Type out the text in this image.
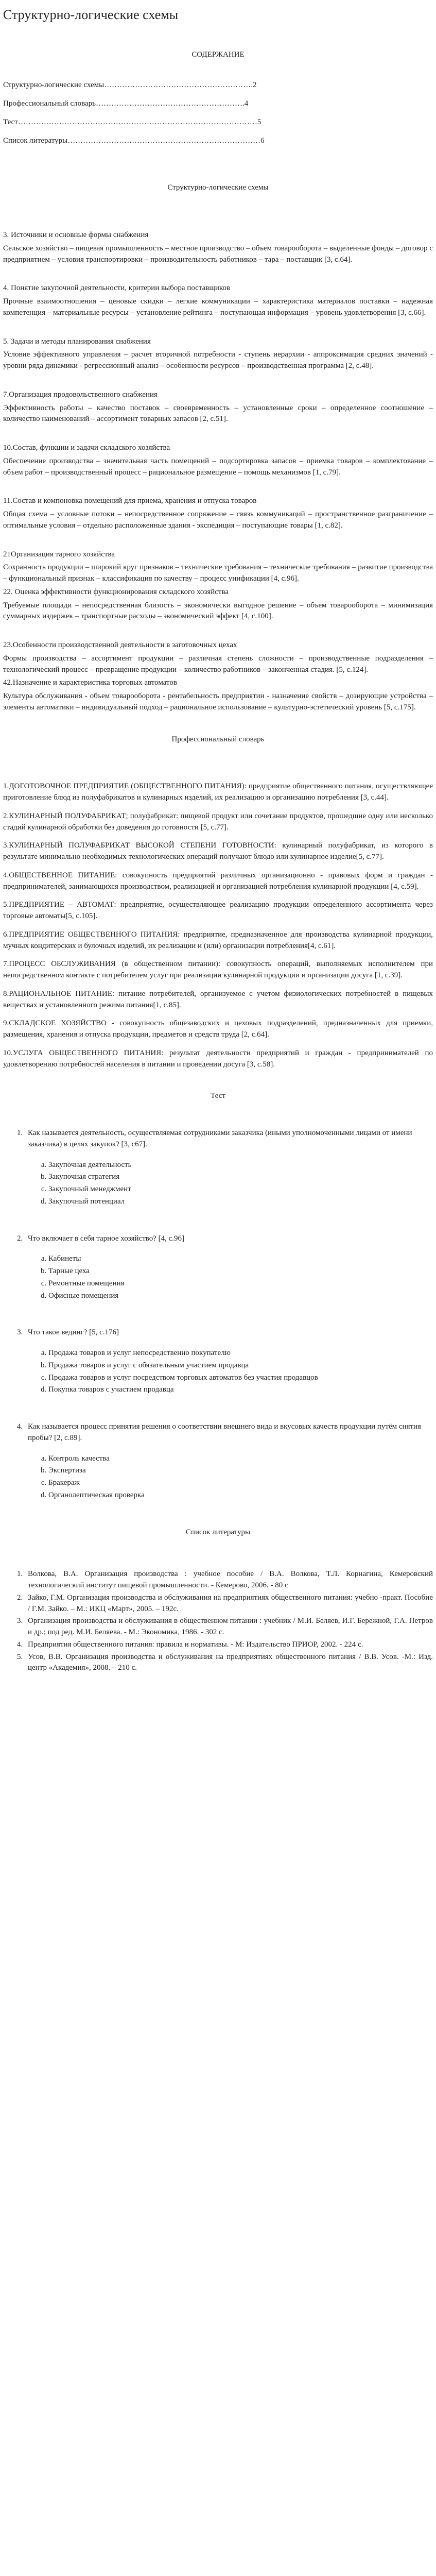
Структурно-логические схемы

СОДЕРЖАНИЕ

Структурно-логические схемы………………………………………………….2

Профессиональный словарь………………………………………………….4

Тест…………………………………………………………………………………5

Список литературы…………………………………………………………………6

Структурно-логические схемы

3. Источники и основные формы снабжения

Сельское хозяйство – пищевая промышленность – местное производство – объем товарооборота – выделенные фонды – договор с предприятием – условия транспортировки – производительность работников – тара – поставщик [3, с.64].

4. Понятие закупочной деятельности, критерии выбора поставщиков

Прочные взаимоотношения – ценовые скидки – легкие коммуникации – характеристика материалов поставки – надежная компетенция – материальные ресурсы – установление рейтинга – поступающая информация – уровень удовлетворения [3, с.66].

5. Задачи и методы планирования снабжения

Условие эффективного управления – расчет вторичной потребности - ступень иерархии - аппроксимация средних значений - уровни ряда динамики - регрессионный анализ – особенности ресурсов – производственная программа [2, с.48].

7.Организация продовольственного снабжения

Эффективность работы – качество поставок – своевременность – установленные сроки – определенное соотношение – количество наименований – ассортимент товарных запасов [2, с.51].

10.Состав, функции и задачи складского хозяйства

Обеспечение производства – значительная часть помещений – подсортировка запасов – приемка товаров – комплектование – объем работ – производственный процесс – рациональное размещение – помощь механизмов [1, с.79].

11.Состав и компоновка помещений для приема, хранения и отпуска товаров

Общая схема – условные потоки – непосредственное сопряжение – связь коммуникаций – пространственное разграничение – оптимальные условия – отдельно расположенные здания - экспедиция – поступающие товары [1, с.82].

21Организация тарного хозяйства

Сохранность продукции – широкий круг признаков – технические требования – технические требования – развитие производства – функциональный признак – классификация по качеству – процесс унификации [4, с.96].

22. Оценка эффективности функционирования складского хозяйства

Требуемые площади – непосредственная близость – экономически выгодное решение – объем товарооборота – минимизация суммарных издержек – транспортные расходы – экономический эффект [4, с.100].

23.Особенности производственной деятельности в заготовочных цехах

Формы производства – ассортимент продукции – различная степень сложности – производственные подразделения – технологический процесс – превращение продукции – количество работников – законченная стадия. [5, с.124].

42.Назначение и характеристика торговых автоматов

Культура обслуживания - объем товарооборота - рентабельность предприятии - назначение свойств – дозирующие устройства – элементы автоматики – индивидуальный подход – рациональное использование – культурно-эстетический уровень [5, с.175].

Профессиональный словарь

1.ДОГОТОВОЧНОЕ ПРЕДПРИЯТИЕ (ОБЩЕСТВЕННОГО ПИТАНИЯ): предприятие общественного питания, осуществляющее приготовление блюд из полуфабрикатов и кулинарных изделий, их реализацию и организацию потребления [3, с.44].

2.КУЛИНАРНЫЙ ПОЛУФАБРИКАТ; полуфабрикат: пищевой продукт или сочетание продуктов, прошедшие одну или несколько стадий кулинарной обработки без доведения до готовности [5, с.77].

3.КУЛИНАРНЫЙ ПОЛУФАБРИКАТ ВЫСОКОЙ СТЕПЕНИ ГОТОВНОСТИ: кулинарный полуфабрикат, из которого в результате минимально необходимых технологических операций получают блюдо или кулинарное изделие[5, с.77].

4.ОБЩЕСТВЕННОЕ ПИТАНИЕ: совокупность предприятий различных организационно - правовых форм и граждан - предпринимателей, занимающихся производством, реализацией и организацией потребления кулинарной продукции [4, с.59].

5.ПРЕДПРИЯТИЕ – АВТОМАТ: предприятие, осуществляющее реализацию продукции определенного ассортимента через торговые автоматы[5, с.105].

6.ПРЕДПРИЯТИЕ ОБЩЕСТВЕННОГО ПИТАНИЯ: предприятие, предназначенное для производства кулинарной продукции, мучных кондитерских и булочных изделий, их реализации и (или) организации потребления[4, с.61].

7.ПРОЦЕСС ОБСЛУЖИВАНИЯ (в общественном питании): совокупность операций, выполняемых исполнителем при непосредственном контакте с потребителем услуг при реализации кулинарной продукции и организации досуга [1, с.39].

8.РАЦИОНАЛЬНОЕ ПИТАНИЕ: питание потребителей, организуемое с учетом физиологических потребностей в пищевых веществах и установленного режима питания[1, с.85].

9.СКЛАДСКОЕ ХОЗЯЙСТВО - совокупность общезаводских и цеховых подразделений, предназначенных для приемки, размещения, хранения и отпуска продукции, предметов и средств труда [2, с.64].

10.УСЛУГА ОБЩЕСТВЕННОГО ПИТАНИЯ: результат деятельности предприятий и граждан - предпринимателей по удовлетворению потребностей населения в питании и проведении досуга [3, с.58].

Тест

1. Как называется деятельность, осуществляемая сотрудниками заказчика (иными уполномоченными лицами от имени заказчика) в целях закупок? [3, с67].
a. Закупочная деятельность
b. Закупочная стратегия
c. Закупочный менеджмент
d. Закупочный потенциал
2. Что включает в себя тарное хозяйство? [4, с.96]
a. Кабинеты
b. Тарные цеха
c. Ремонтные помещения
d. Офисные помещения
3. Что такое вединг? [5, с.176]
a. Продажа товаров и услуг непосредственно покупателю
b. Продажа товаров и услуг с обязательным участием продавца
c. Продажа товаров и услуг посредством торговых автоматов без участия продавцов
d. Покупка товаров с участием продавца
4. Как называется процесс принятия решения о соответствии внешнего вида и вкусовых качеств продукции путём снятия пробы? [2, с.89].
a. Контроль качества
b. Экспертиза
c. Бракераж
d. Органолептическая проверка

Список литературы

1. Волкова, В.А. Организация производства : учебное пособие / В.А. Волкова, Т.Л. Корнагина, Кемеровский технологический институт пищевой промышленности. - Кемерово, 2006. - 80 с
2. Зайко, Г.М. Организация производства и обслуживания на предприятиях общественного питания: учебно -практ. Пособие / Г.М. Зайко. – М.: ИКЦ «Март», 2005. – 192с.
3. Организация производства и обслуживания в общественном питании : учебник / М.И. Беляев, И.Г. Бережной, Г.А. Петров и др.; под ред. М.И. Беляева. - М.: Экономика, 1986. - 302 с.
4. Предприятия общественного питания: правила и нормативы. - М: Издательство ПРИОР, 2002. - 224 с.
5. Усов, В.В. Организация производства и обслуживания на предприятиях общественного питания / В.В. Усов. -М.: Изд. центр «Академия», 2008. – 210 с.
